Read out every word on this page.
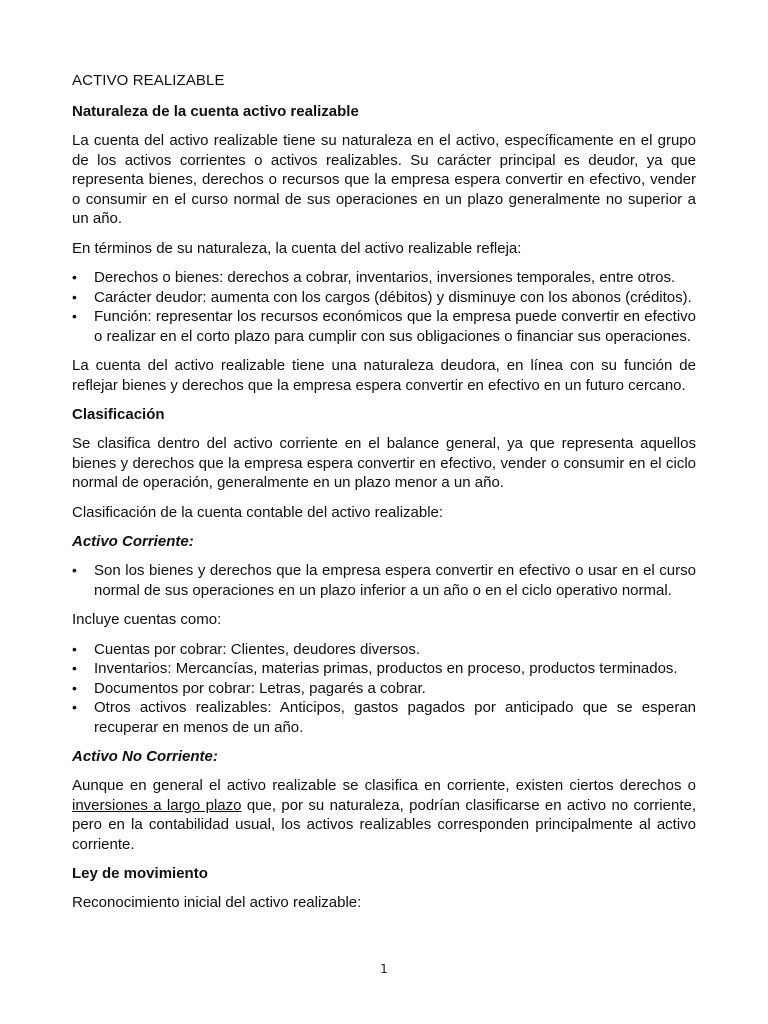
ACTIVO REALIZABLE

Naturaleza de la cuenta activo realizable

La cuenta del activo realizable tiene su naturaleza en el activo, específicamente en el grupo de los activos corrientes o activos realizables. Su carácter principal es deudor, ya que representa bienes, derechos o recursos que la empresa espera convertir en efectivo, vender o consumir en el curso normal de sus operaciones en un plazo generalmente no superior a un año.

En términos de su naturaleza, la cuenta del activo realizable refleja:

• Derechos o bienes: derechos a cobrar, inventarios, inversiones temporales, entre otros.
• Carácter deudor: aumenta con los cargos (débitos) y disminuye con los abonos (créditos).
• Función: representar los recursos económicos que la empresa puede convertir en efectivo o realizar en el corto plazo para cumplir con sus obligaciones o financiar sus operaciones.

La cuenta del activo realizable tiene una naturaleza deudora, en línea con su función de reflejar bienes y derechos que la empresa espera convertir en efectivo en un futuro cercano.

Clasificación

Se clasifica dentro del activo corriente en el balance general, ya que representa aquellos bienes y derechos que la empresa espera convertir en efectivo, vender o consumir en el ciclo normal de operación, generalmente en un plazo menor a un año.

Clasificación de la cuenta contable del activo realizable:

Activo Corriente:

• Son los bienes y derechos que la empresa espera convertir en efectivo o usar en el curso normal de sus operaciones en un plazo inferior a un año o en el ciclo operativo normal.

Incluye cuentas como:

• Cuentas por cobrar: Clientes, deudores diversos.
• Inventarios: Mercancías, materias primas, productos en proceso, productos terminados.
• Documentos por cobrar: Letras, pagarés a cobrar.
• Otros activos realizables: Anticipos, gastos pagados por anticipado que se esperan recuperar en menos de un año.

Activo No Corriente:

Aunque en general el activo realizable se clasifica en corriente, existen ciertos derechos o inversiones a largo plazo que, por su naturaleza, podrían clasificarse en activo no corriente, pero en la contabilidad usual, los activos realizables corresponden principalmente al activo corriente.

Ley de movimiento

Reconocimiento inicial del activo realizable:

1
